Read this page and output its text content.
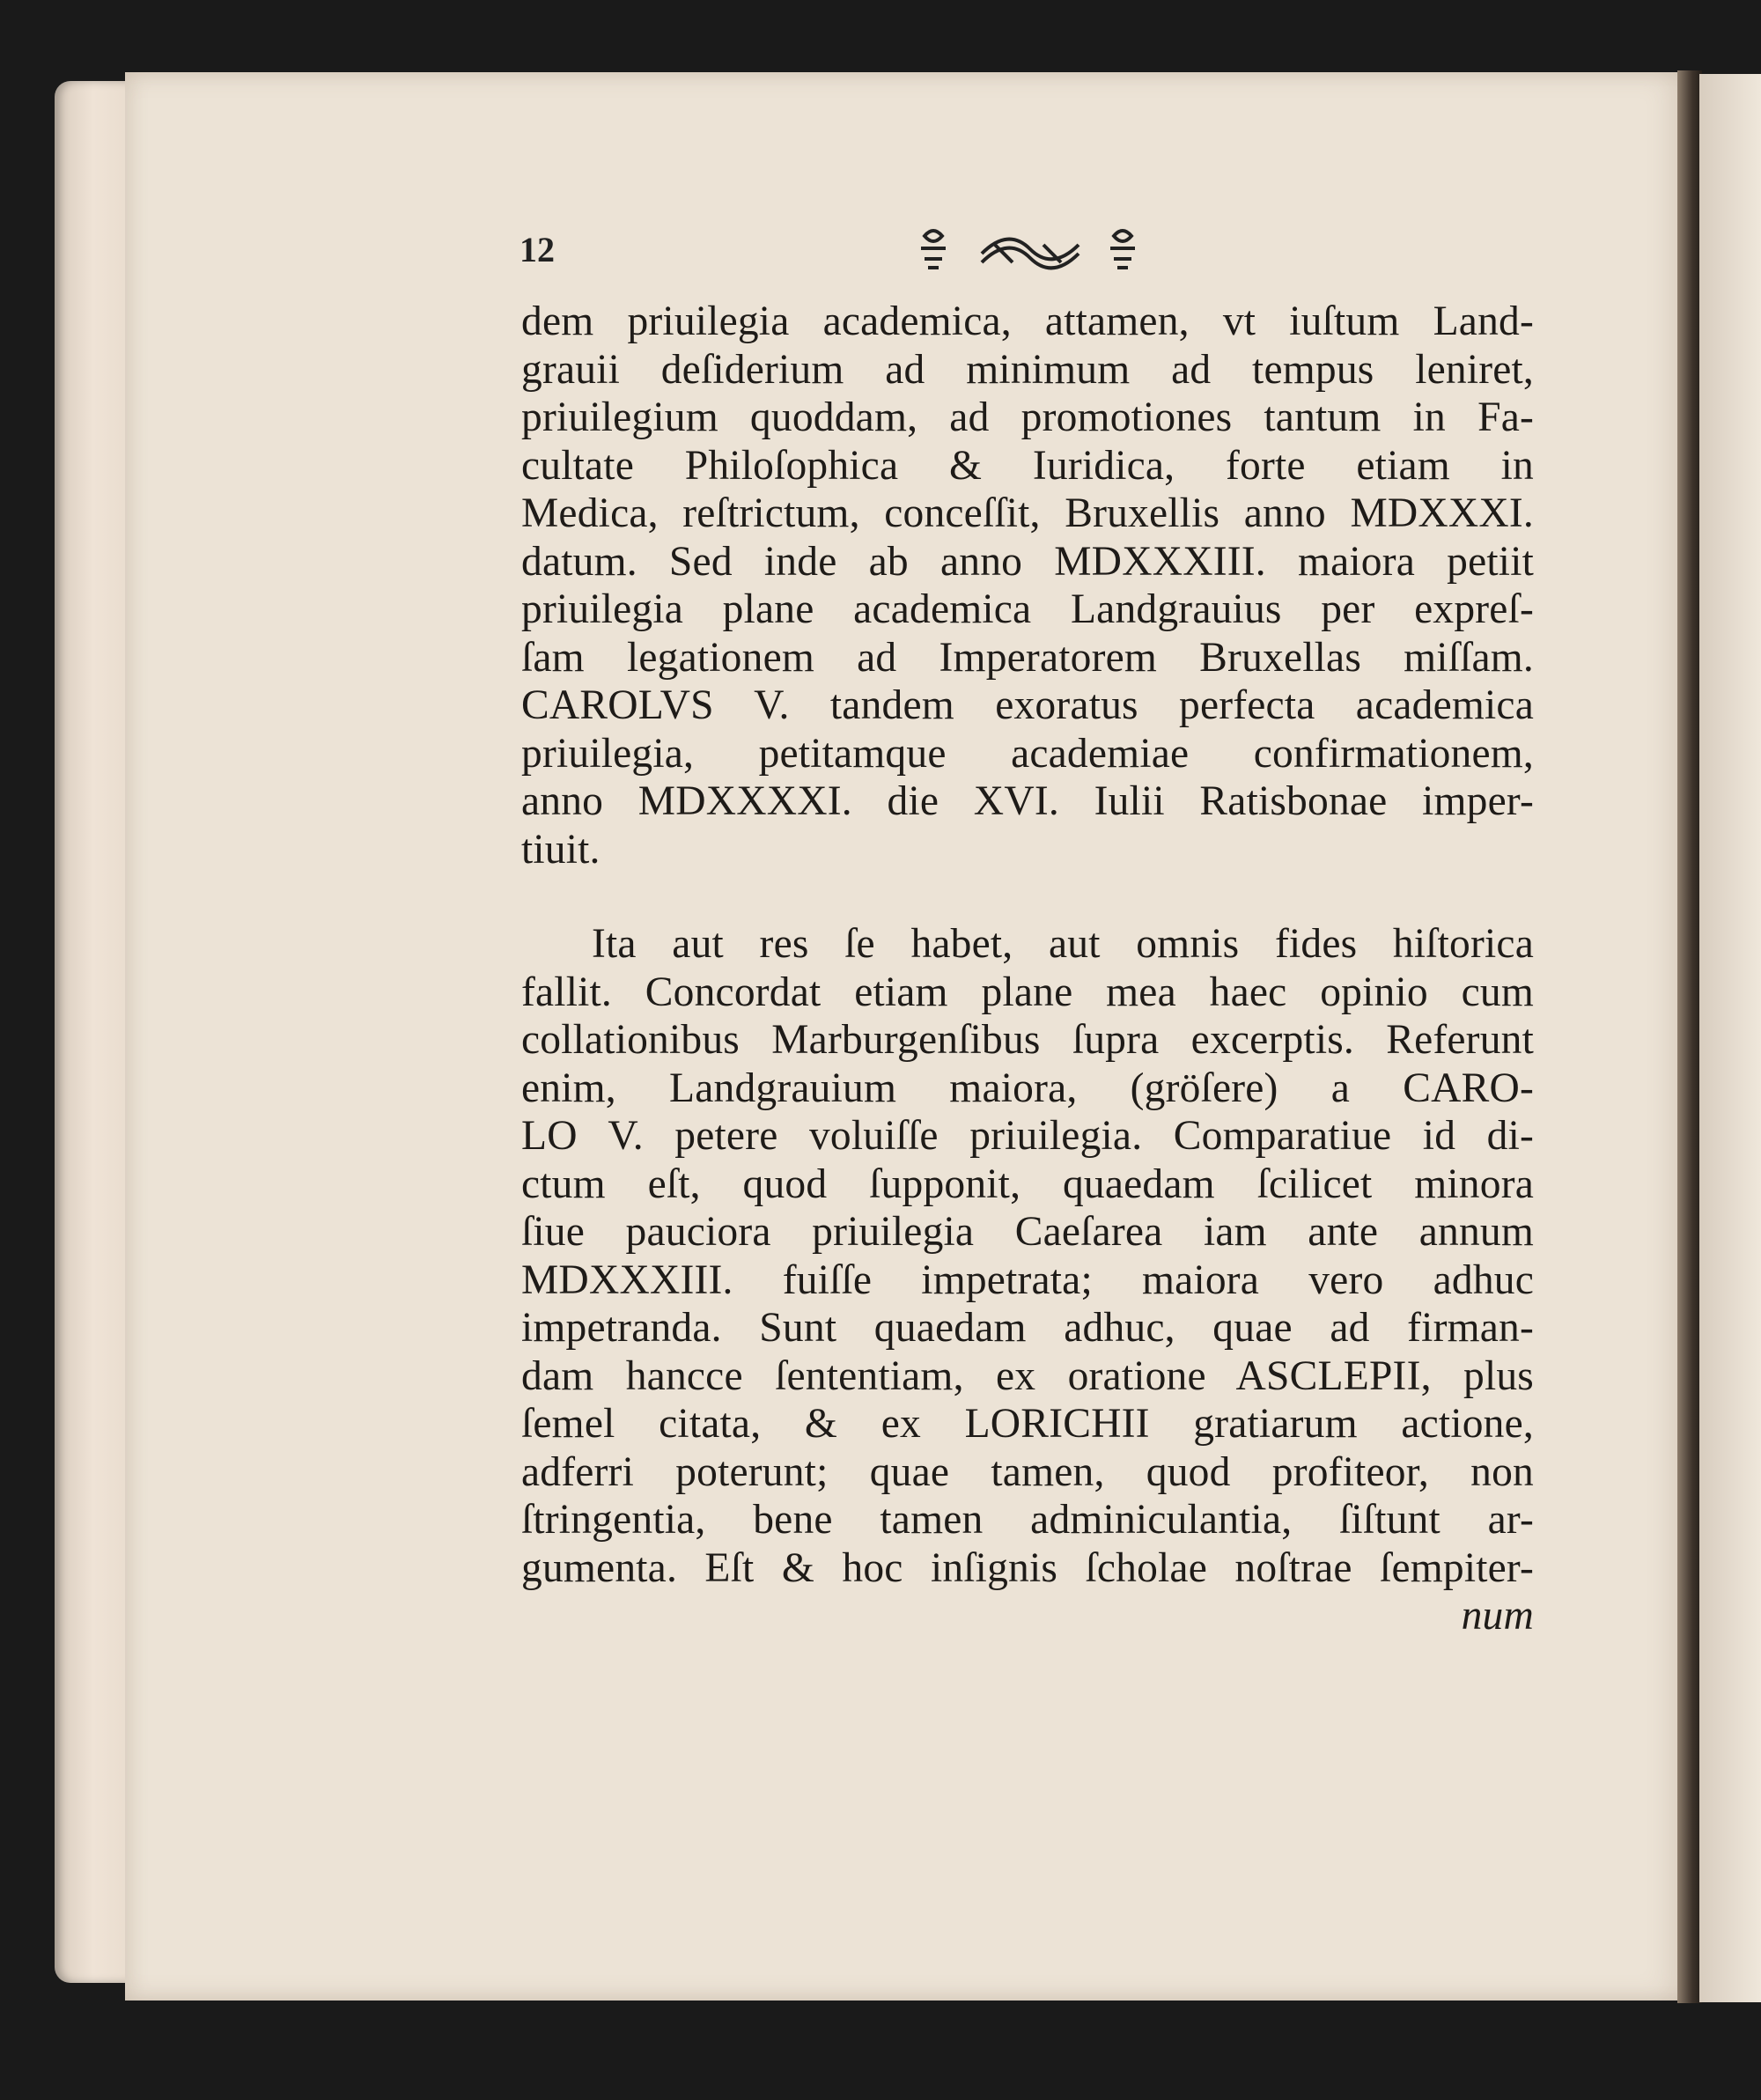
12
dem priuilegia academica, attamen, vt iuſtum Land-
grauii deſiderium ad minimum ad tempus leniret,
priuilegium quoddam, ad promotiones tantum in Fa-
cultate Philoſophica & Iuridica, forte etiam in
Medica, reſtrictum, conceſſit, Bruxellis anno MDXXXI.
datum. Sed inde ab anno MDXXXIII. maiora petiit
priuilegia plane academica Landgrauius per expreſ-
ſam legationem ad Imperatorem Bruxellas miſſam.
CAROLVS V. tandem exoratus perfecta academica
priuilegia, petitamque academiae confirmationem,
anno MDXXXXI. die XVI. Iulii Ratisbonae imper-
tiuit.
Ita aut res ſe habet, aut omnis fides hiſtorica
fallit. Concordat etiam plane mea haec opinio cum
collationibus Marburgenſibus ſupra excerptis. Referunt
enim, Landgrauium maiora, (gröſere) a CARO-
LO V. petere voluiſſe priuilegia. Comparatiue id di-
ctum eſt, quod ſupponit, quaedam ſcilicet minora
ſiue pauciora priuilegia Caeſarea iam ante annum
MDXXXIII. fuiſſe impetrata; maiora vero adhuc
impetranda. Sunt quaedam adhuc, quae ad firman-
dam hancce ſententiam, ex oratione ASCLEPII, plus
ſemel citata, & ex LORICHII gratiarum actione,
adferri poterunt; quae tamen, quod profiteor, non
ſtringentia, bene tamen adminiculantia, ſiſtunt ar-
gumenta. Eſt & hoc inſignis ſcholae noſtrae ſempiter-
num
